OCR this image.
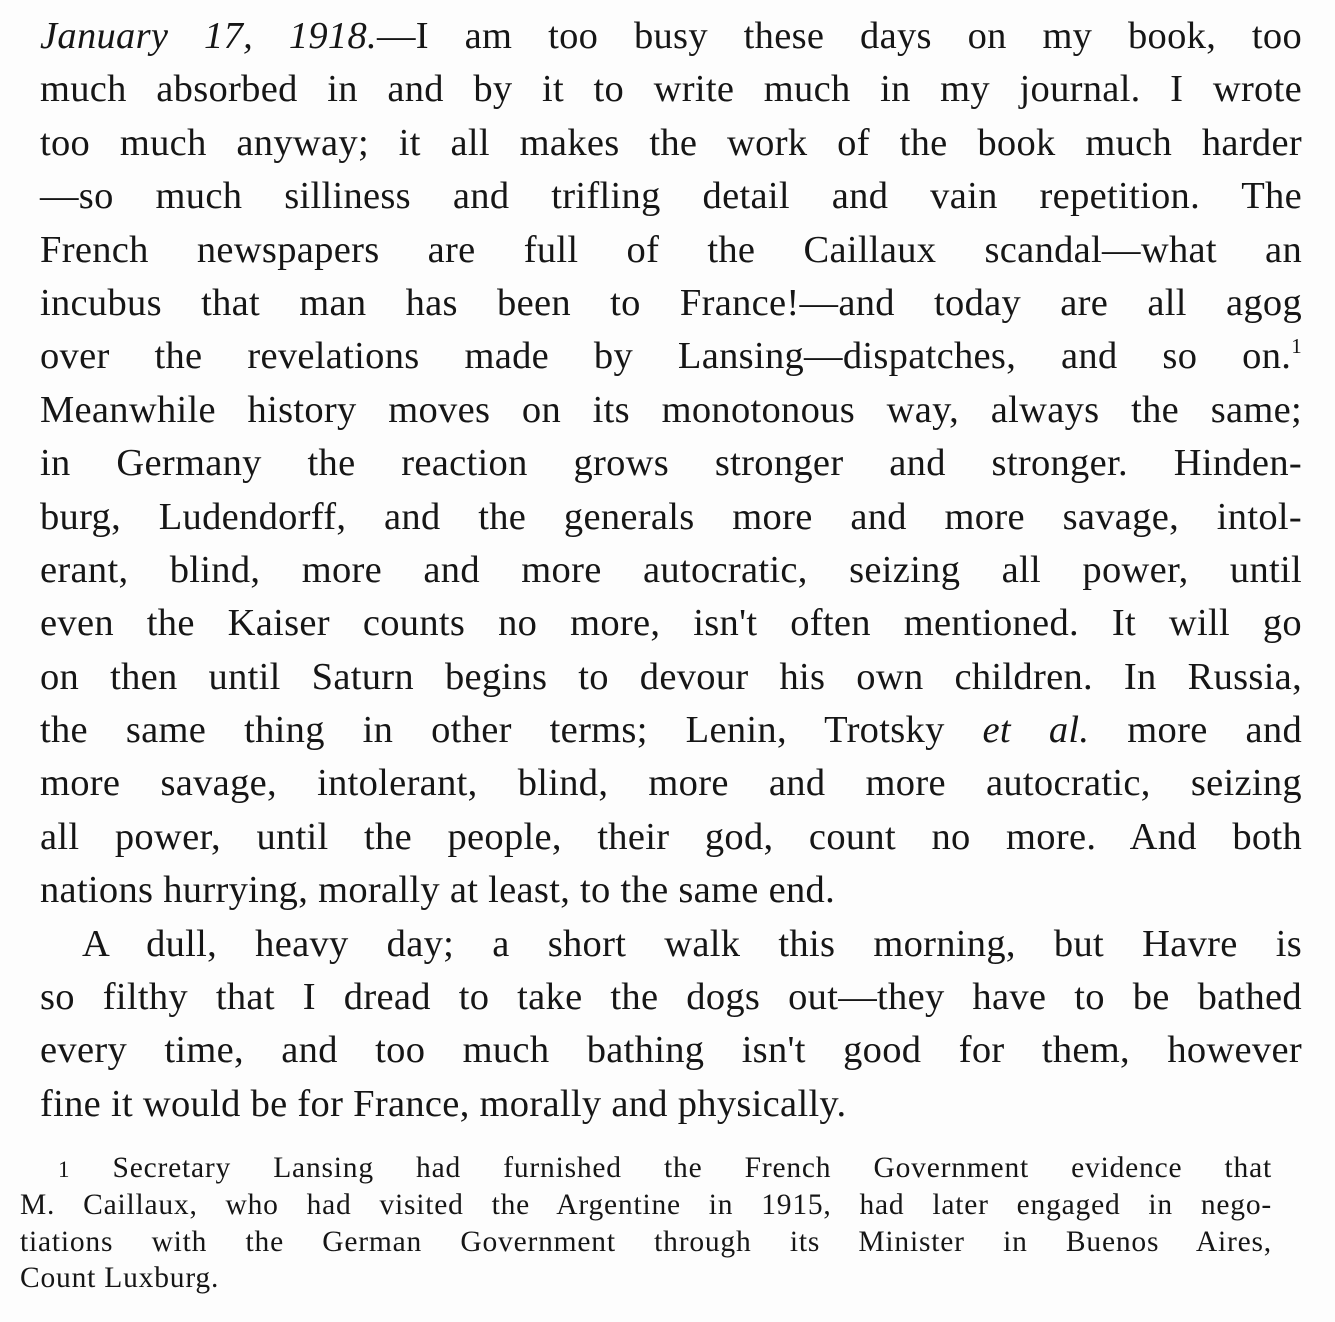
January 17, 1918.—I am too busy these days on my book, too
much absorbed in and by it to write much in my journal. I wrote
too much anyway; it all makes the work of the book much harder
—so much silliness and trifling detail and vain repetition. The
French newspapers are full of the Caillaux scandal—what an
incubus that man has been to France!—and today are all agog
over the revelations made by Lansing—dispatches, and so on.$^1$
Meanwhile history moves on its monotonous way, always the same;
in Germany the reaction grows stronger and stronger. Hinden-
burg, Ludendorff, and the generals more and more savage, intol-
erant, blind, more and more autocratic, seizing all power, until
even the Kaiser counts no more, isn't often mentioned. It will go
on then until Saturn begins to devour his own children. In Russia,
the same thing in other terms; Lenin, Trotsky et al. more and
more savage, intolerant, blind, more and more autocratic, seizing
all power, until the people, their god, count no more. And both
nations hurrying, morally at least, to the same end.
A dull, heavy day; a short walk this morning, but Havre is
so filthy that I dread to take the dogs out—they have to be bathed
every time, and too much bathing isn't good for them, however
fine it would be for France, morally and physically.
1 Secretary Lansing had furnished the French Government evidence that
M. Caillaux, who had visited the Argentine in 1915, had later engaged in nego-
tiations with the German Government through its Minister in Buenos Aires,
Count Luxburg.
